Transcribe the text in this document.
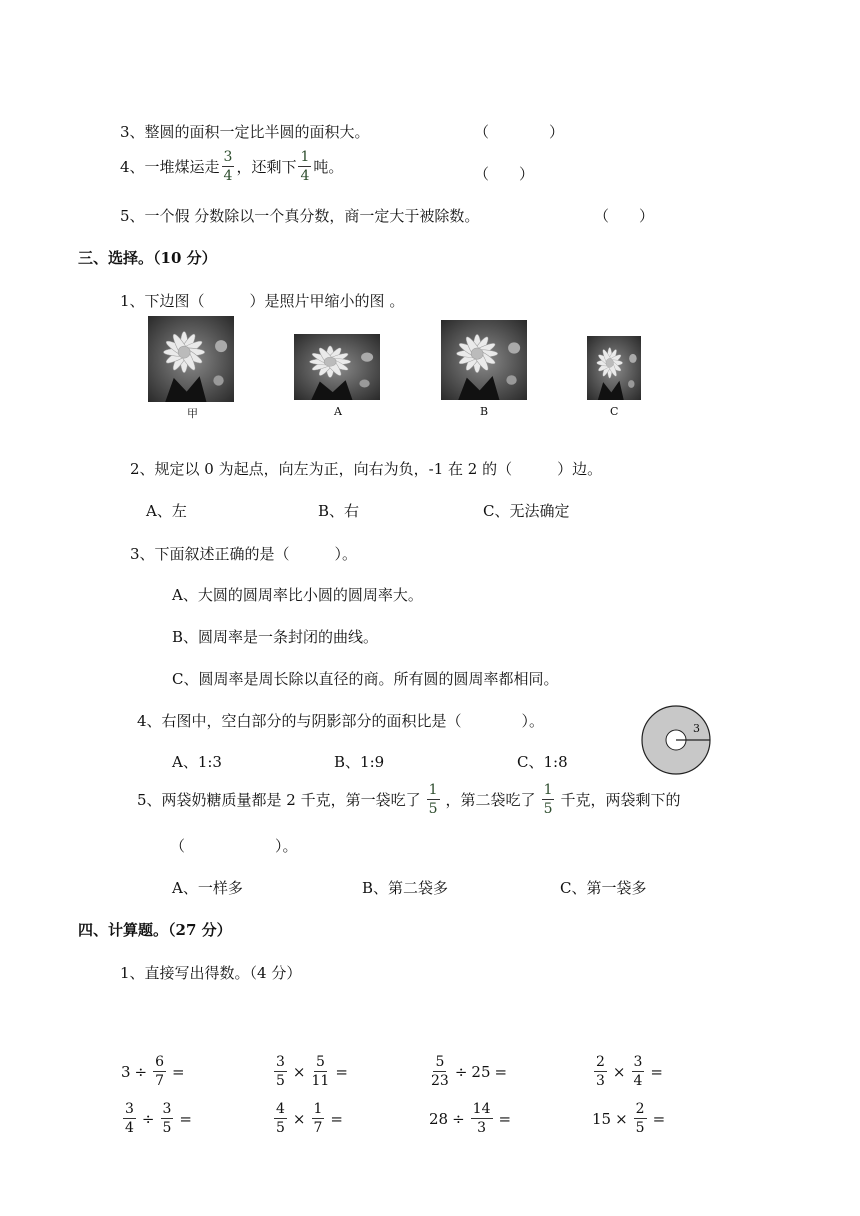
3、整圆的面积一定比半圆的面积大。	（　　　　）
4、一堆煤运走 $\frac{3}{4}$ ，还剩下 $\frac{1}{4}$ 吨。	（　　）
5、一个假 分数除以一个真分数，商一定大于被除数。	（　　）
三、选择。（10 分）
1、下边图（　　　）是照片甲缩小的图 。
甲	A	B	C
2、规定以 0 为起点，向左为正，向右为负，-1 在 2 的（　　　）边。
A、左	B、右	C、无法确定
3、下面叙述正确的是（　　　）。
A、大圆的圆周率比小圆的圆周率大。
B、圆周率是一条封闭的曲线。
C、圆周率是周长除以直径的商。所有圆的圆周率都相同。
4、右图中，空白部分的与阴影部分的面积比是（　　　　）。
A、1:3	B、1:9	C、1:8
3
5、两袋奶糖质量都是 2 千克，第一袋吃了 $\frac{1}{5}$ ，第二袋吃了 $\frac{1}{5}$ 千克，两袋剩下的
（　　　　　　）。
A、一样多	B、第二袋多	C、第一袋多
四、计算题。（27 分）
1、直接写出得数。（4 分）
$3 \div \frac{6}{7}$ =	$\frac{3}{5} \times \frac{5}{11}$ =	$\frac{5}{23} \div 25$ =	$\frac{2}{3} \times \frac{3}{4}$ =
$\frac{3}{4} \div \frac{3}{5}$ =	$\frac{4}{5} \times \frac{1}{7}$ =	$28 \div \frac{14}{3}$ =	$15 \times \frac{2}{5}$ =
